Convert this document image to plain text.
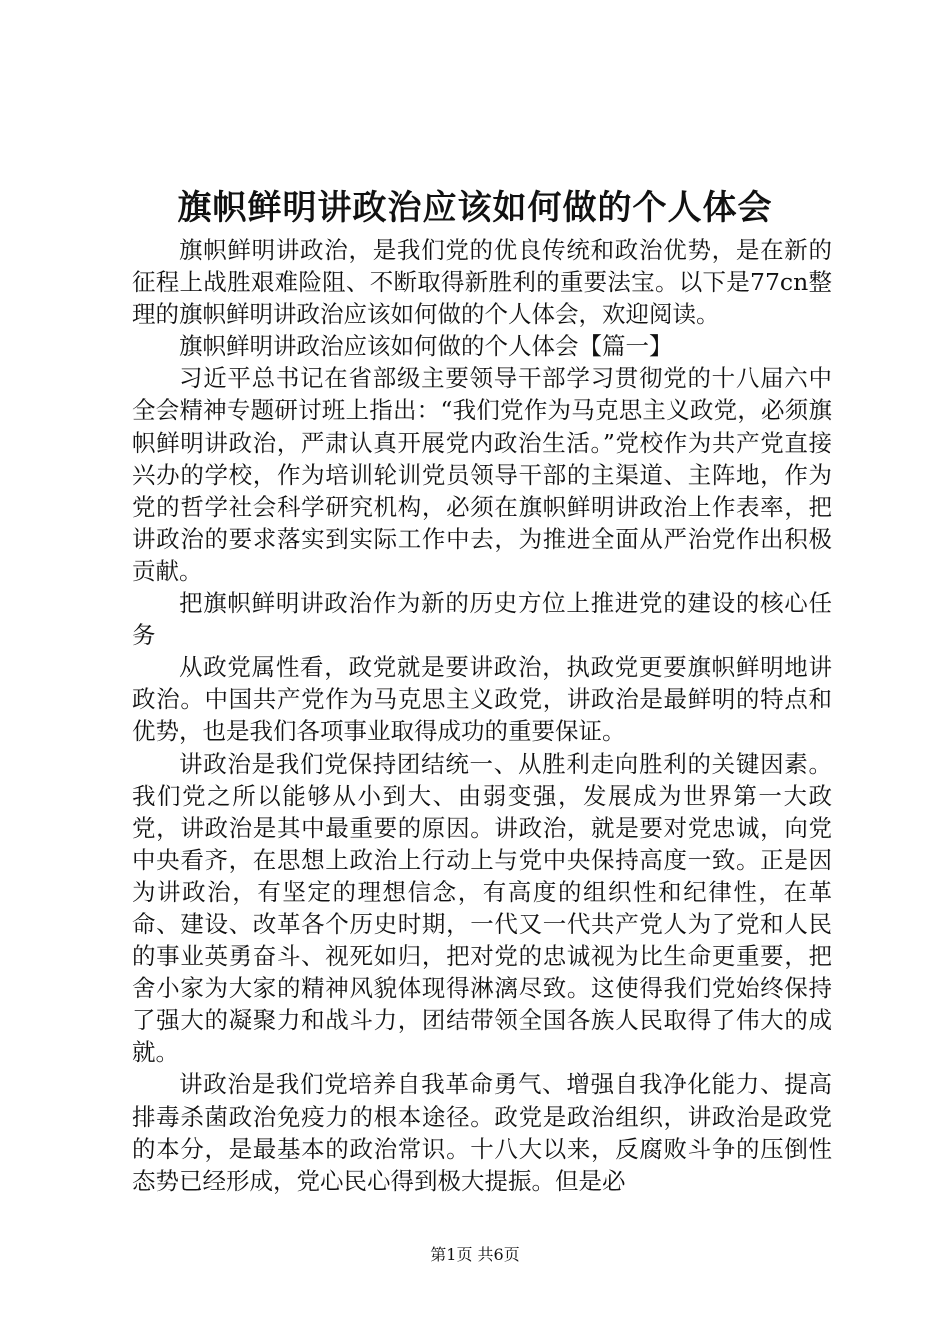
旗帜鲜明讲政治应该如何做的个人体会

旗帜鲜明讲政治，是我们党的优良传统和政治优势，是在新的征程上战胜艰难险阻、不断取得新胜利的重要法宝。以下是77cn整理的旗帜鲜明讲政治应该如何做的个人体会，欢迎阅读。

旗帜鲜明讲政治应该如何做的个人体会【篇一】

习近平总书记在省部级主要领导干部学习贯彻党的十八届六中全会精神专题研讨班上指出：“我们党作为马克思主义政党，必须旗帜鲜明讲政治，严肃认真开展党内政治生活。”党校作为共产党直接兴办的学校，作为培训轮训党员领导干部的主渠道、主阵地，作为党的哲学社会科学研究机构，必须在旗帜鲜明讲政治上作表率，把讲政治的要求落实到实际工作中去，为推进全面从严治党作出积极贡献。

把旗帜鲜明讲政治作为新的历史方位上推进党的建设的核心任务

从政党属性看，政党就是要讲政治，执政党更要旗帜鲜明地讲政治。中国共产党作为马克思主义政党，讲政治是最鲜明的特点和优势，也是我们各项事业取得成功的重要保证。

讲政治是我们党保持团结统一、从胜利走向胜利的关键因素。我们党之所以能够从小到大、由弱变强，发展成为世界第一大政党，讲政治是其中最重要的原因。讲政治，就是要对党忠诚，向党中央看齐，在思想上政治上行动上与党中央保持高度一致。正是因为讲政治，有坚定的理想信念，有高度的组织性和纪律性，在革命、建设、改革各个历史时期，一代又一代共产党人为了党和人民的事业英勇奋斗、视死如归，把对党的忠诚视为比生命更重要，把舍小家为大家的精神风貌体现得淋漓尽致。这使得我们党始终保持了强大的凝聚力和战斗力，团结带领全国各族人民取得了伟大的成就。

讲政治是我们党培养自我革命勇气、增强自我净化能力、提高排毒杀菌政治免疫力的根本途径。政党是政治组织，讲政治是政党的本分，是最基本的政治常识。十八大以来，反腐败斗争的压倒性态势已经形成，党心民心得到极大提振。但是必

第1页 共6页
